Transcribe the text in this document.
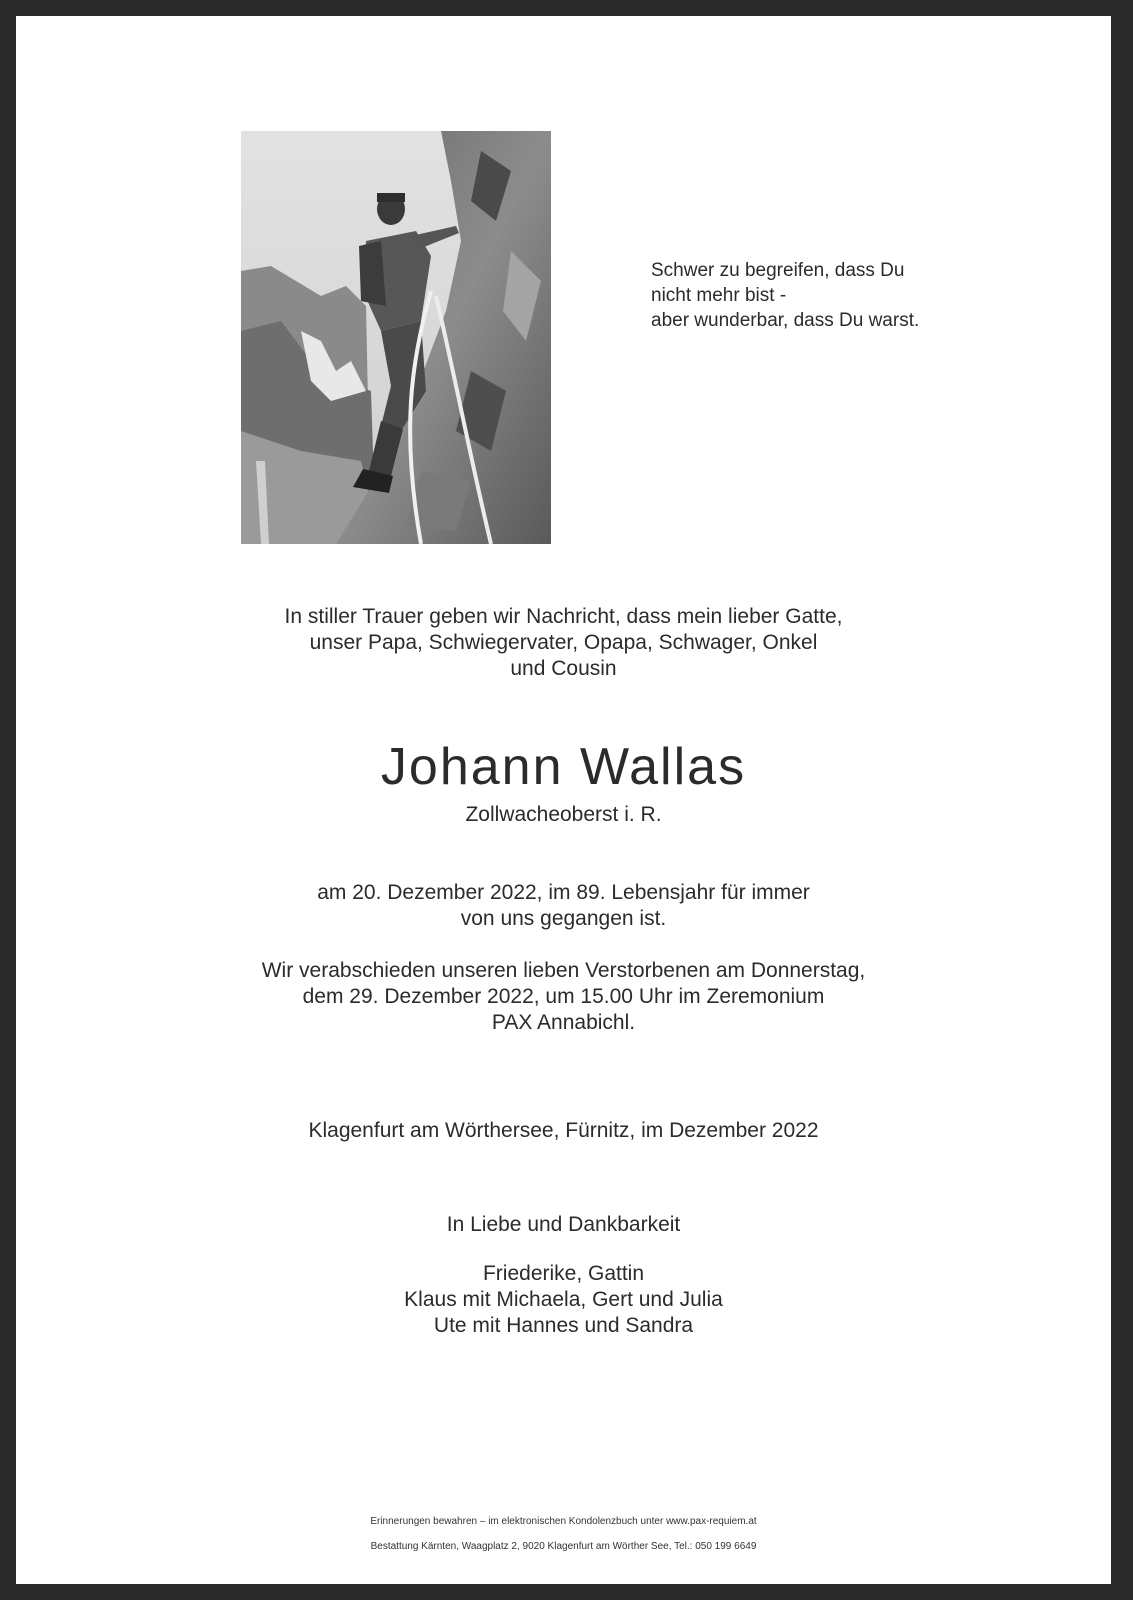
Schwer zu begreifen, dass Du
nicht mehr bist -
aber wunderbar, dass Du warst.
In stiller Trauer geben wir Nachricht, dass mein lieber Gatte,
unser Papa, Schwiegervater, Opapa, Schwager, Onkel
und Cousin
Johann Wallas
Zollwacheoberst i. R.
am 20. Dezember 2022, im 89. Lebensjahr für immer
von uns gegangen ist.
Wir verabschieden unseren lieben Verstorbenen am Donnerstag,
dem 29. Dezember 2022, um 15.00 Uhr im Zeremonium
PAX Annabichl.
Klagenfurt am Wörthersee, Fürnitz, im Dezember 2022
In Liebe und Dankbarkeit
Friederike, Gattin
Klaus mit Michaela, Gert und Julia
Ute mit Hannes und Sandra
Erinnerungen bewahren – im elektronischen Kondolenzbuch unter www.pax-requiem.at
Bestattung Kärnten, Waagplatz 2, 9020 Klagenfurt am Wörther See, Tel.: 050 199 6649
